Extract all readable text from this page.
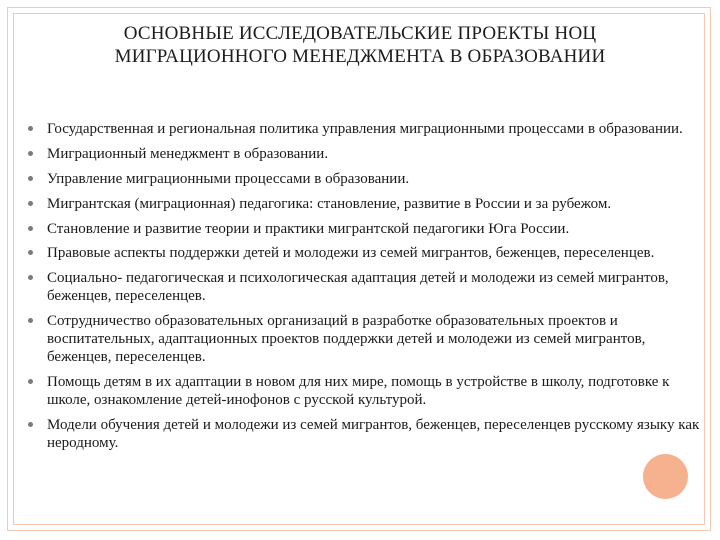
ОСНОВНЫЕ ИССЛЕДОВАТЕЛЬСКИЕ ПРОЕКТЫ НОЦ
МИГРАЦИОННОГО МЕНЕДЖМЕНТА В ОБРАЗОВАНИИ
Государственная и региональная политика управления миграционными процессами в образовании.
Миграционный менеджмент в образовании.
Управление миграционными процессами в образовании.
Мигрантская (миграционная) педагогика: становление, развитие в России и за рубежом.
Становление и развитие теории и практики мигрантской педагогики Юга России.
Правовые аспекты поддержки детей и молодежи из семей мигрантов, беженцев, переселенцев.
Социально- педагогическая и психологическая адаптация детей и молодежи из семей мигрантов, беженцев, переселенцев.
Сотрудничество образовательных организаций в разработке образовательных проектов и воспитательных, адаптационных проектов поддержки детей и молодежи из семей мигрантов, беженцев, переселенцев.
Помощь детям в их адаптации в новом для них мире, помощь в устройстве в школу, подготовке к школе, ознакомление детей-инофонов с русской культурой.
Модели обучения детей и молодежи из семей мигрантов, беженцев, переселенцев русскому языку как неродному.
